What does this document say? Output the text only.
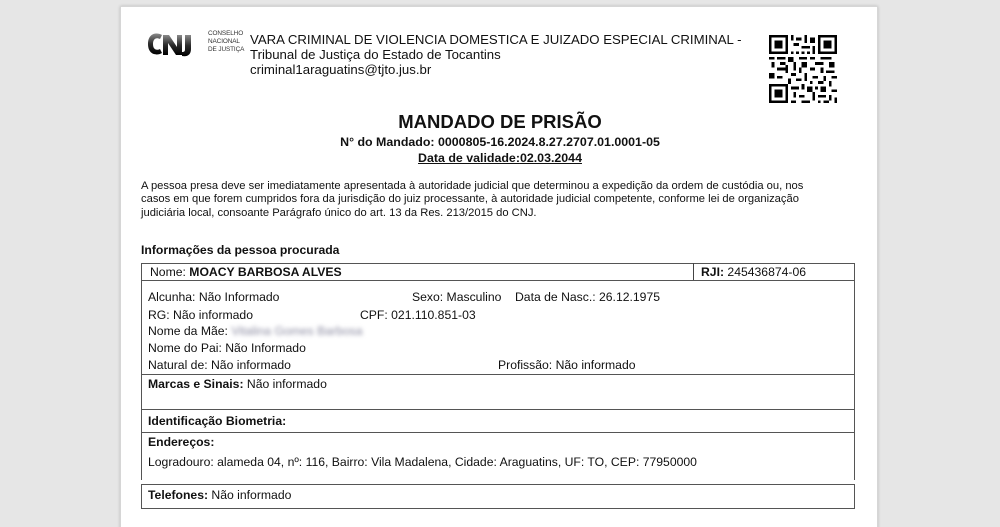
CONSELHO
NACIONAL
DE JUSTIÇA
VARA CRIMINAL DE VIOLENCIA DOMESTICA E JUIZADO ESPECIAL CRIMINAL -
Tribunal de Justiça do Estado de Tocantins
criminal1araguatins@tjto.jus.br
MANDADO DE PRISÃO
N° do Mandado: 0000805-16.2024.8.27.2707.01.0001-05
Data de validade:02.03.2044
A pessoa presa deve ser imediatamente apresentada à autoridade judicial que determinou a expedição da ordem de custódia ou, nos
casos em que forem cumpridos fora da jurisdição do juiz processante, à autoridade judicial competente, conforme lei de organização
judiciária local, consoante Parágrafo único do art. 13 da Res. 213/2015 do CNJ.
Informações da pessoa procurada
Nome: MOACY BARBOSA ALVES	RJI: 245436874-06
Alcunha: Não Informado	Sexo: Masculino Data de Nasc.: 26.12.1975
RG: Não informado	CPF: 021.110.851-03
Nome da Mãe: Vitalina Gomes Barbosa
Nome do Pai: Não Informado
Natural de: Não informado	Profissão: Não informado
Marcas e Sinais: Não informado
Identificação Biometria:
Endereços:
Logradouro: alameda 04, nº: 116, Bairro: Vila Madalena, Cidade: Araguatins, UF: TO, CEP: 77950000
Telefones: Não informado
